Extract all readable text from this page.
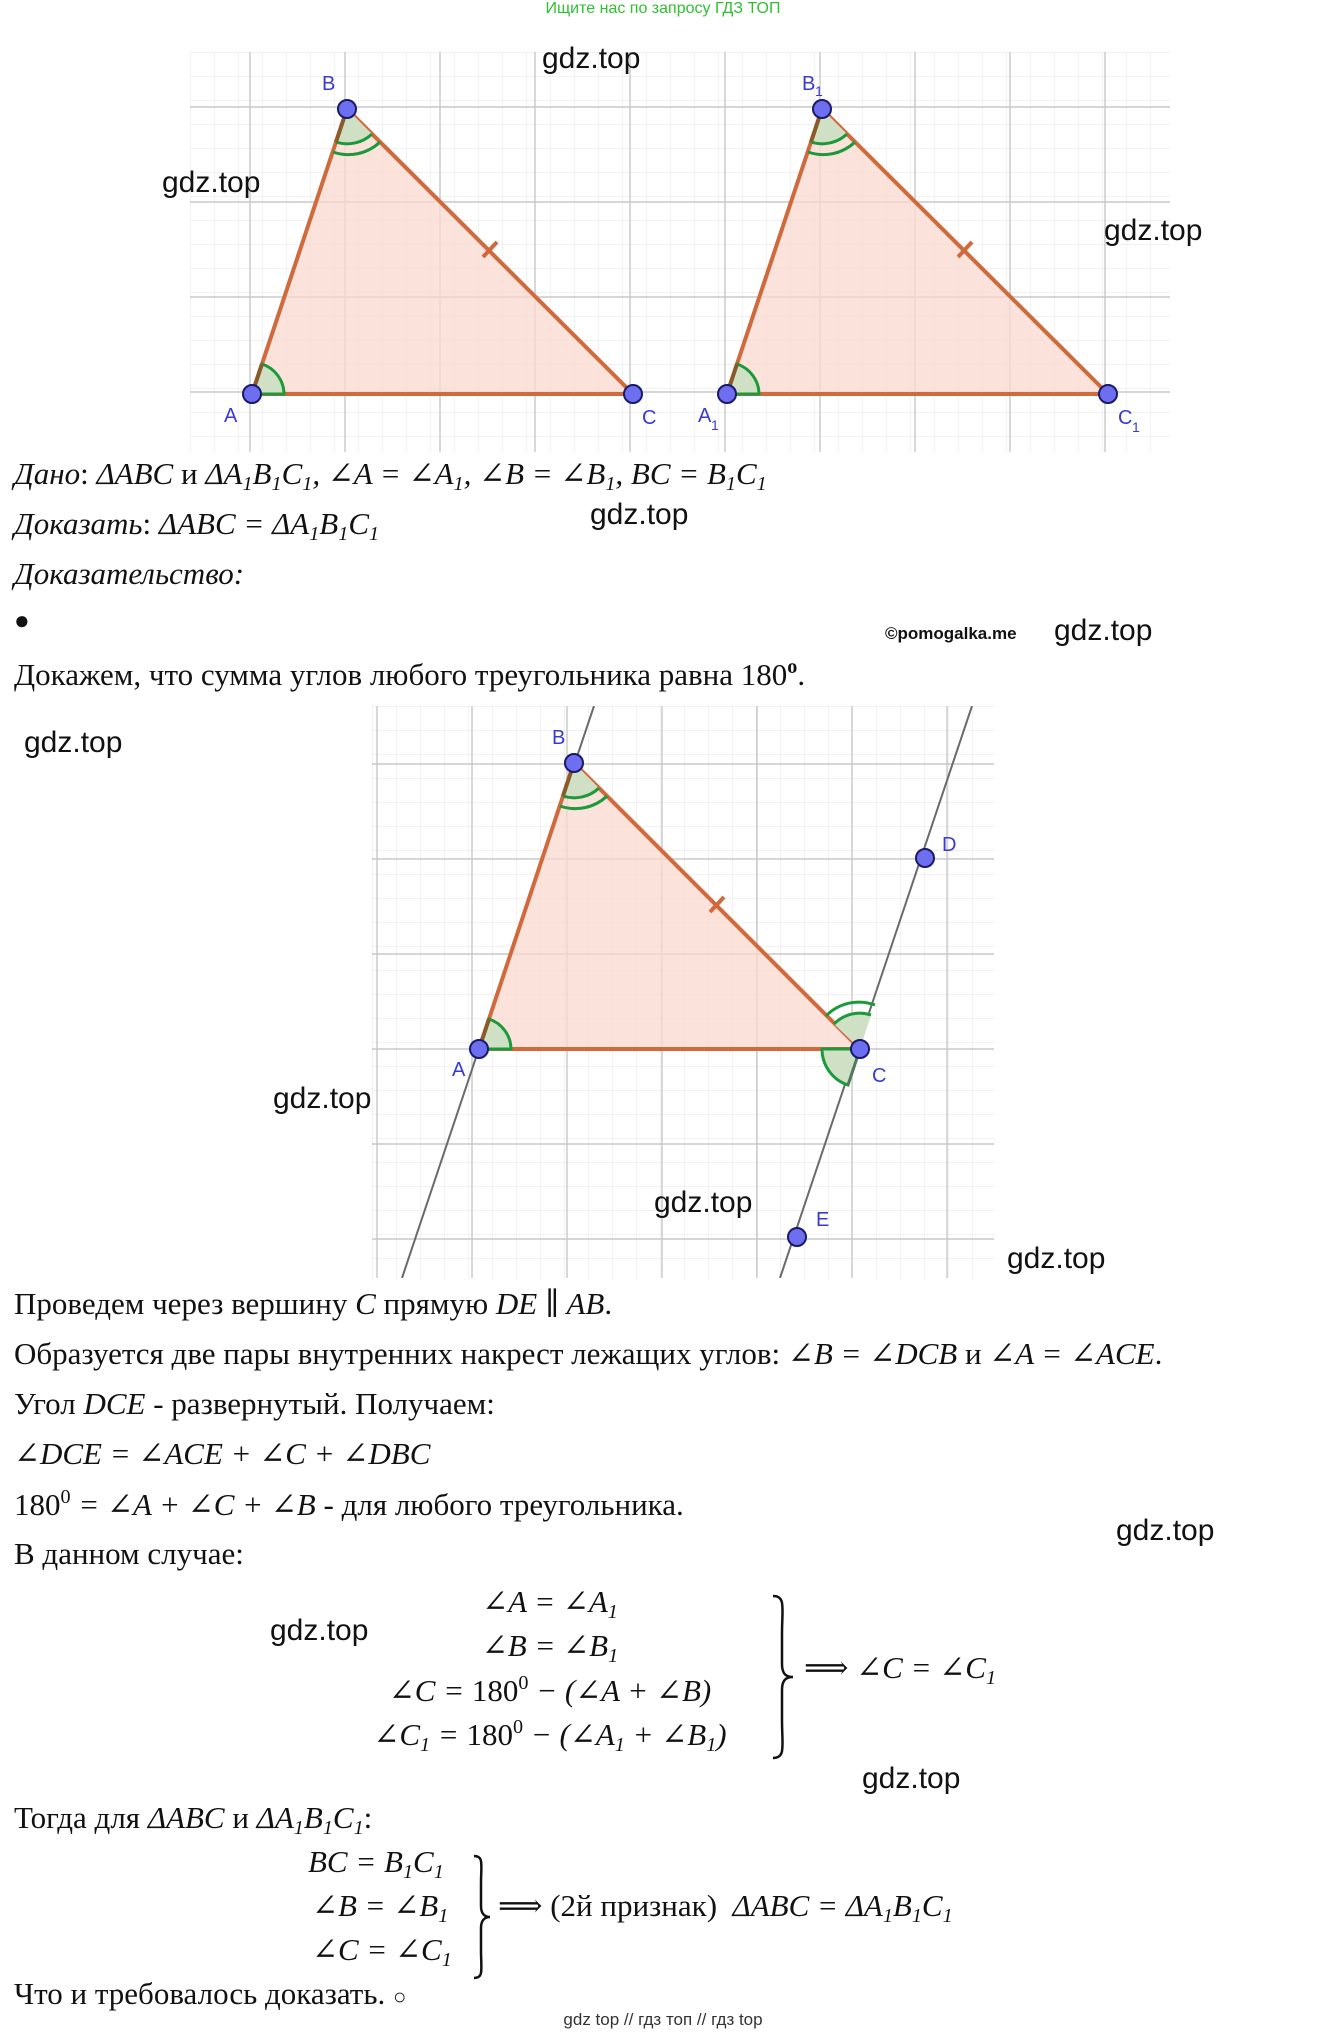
Ищите нас по запросу ГДЗ ТОП
A
B
C A 1
B 1
C 1
gdz.top
gdz.top
gdz.top
Дано: ΔABC и $\Delta A_1B_1C_1$, ∠A = $\angle A_1$, ∠B = $\angle B_1$, BC = $B_1C_1$
Доказать: $\Delta ABC = \Delta A_1B_1C_1$
gdz.top
Доказательство:
●	©pomogalka.me gdz.top
Докажем, что сумма углов любого треугольника равна 180$^o$.
A
B
C
D
E
gdz.top
gdz.top
gdz.top
gdz.top
Проведем через вершину C прямую DE ∥ AB.
Образуется две пары внутренних накрест лежащих углов: ∠B = ∠DCB и ∠A = ∠ACE.
Угол DCE - развернутый. Получаем:
∠DCE = ∠ACE + ∠C + ∠DBC
$180^0$ = ∠A + ∠C + ∠B - для любого треугольника.
gdz.top
В данном случае:
gdz.top
∠A = $\angle A_1$
∠B = $\angle B_1$
∠C = $180^0$ − (∠A + ∠B)
$\angle C_1 = 180^0$ − ($\angle A_1$ + $\angle B_1$)
⟹ ∠C = $\angle C_1$
gdz.top
Тогда для ΔABC и $\Delta A_1B_1C_1$:
BC = $B_1C_1$
∠B = $\angle B_1$
∠C = $\angle C_1$
⟹ (2й признак)  $\Delta ABC = \Delta A_1B_1C_1$
Что и требовалось доказать. ○
gdz top // гдз топ // гдз top
